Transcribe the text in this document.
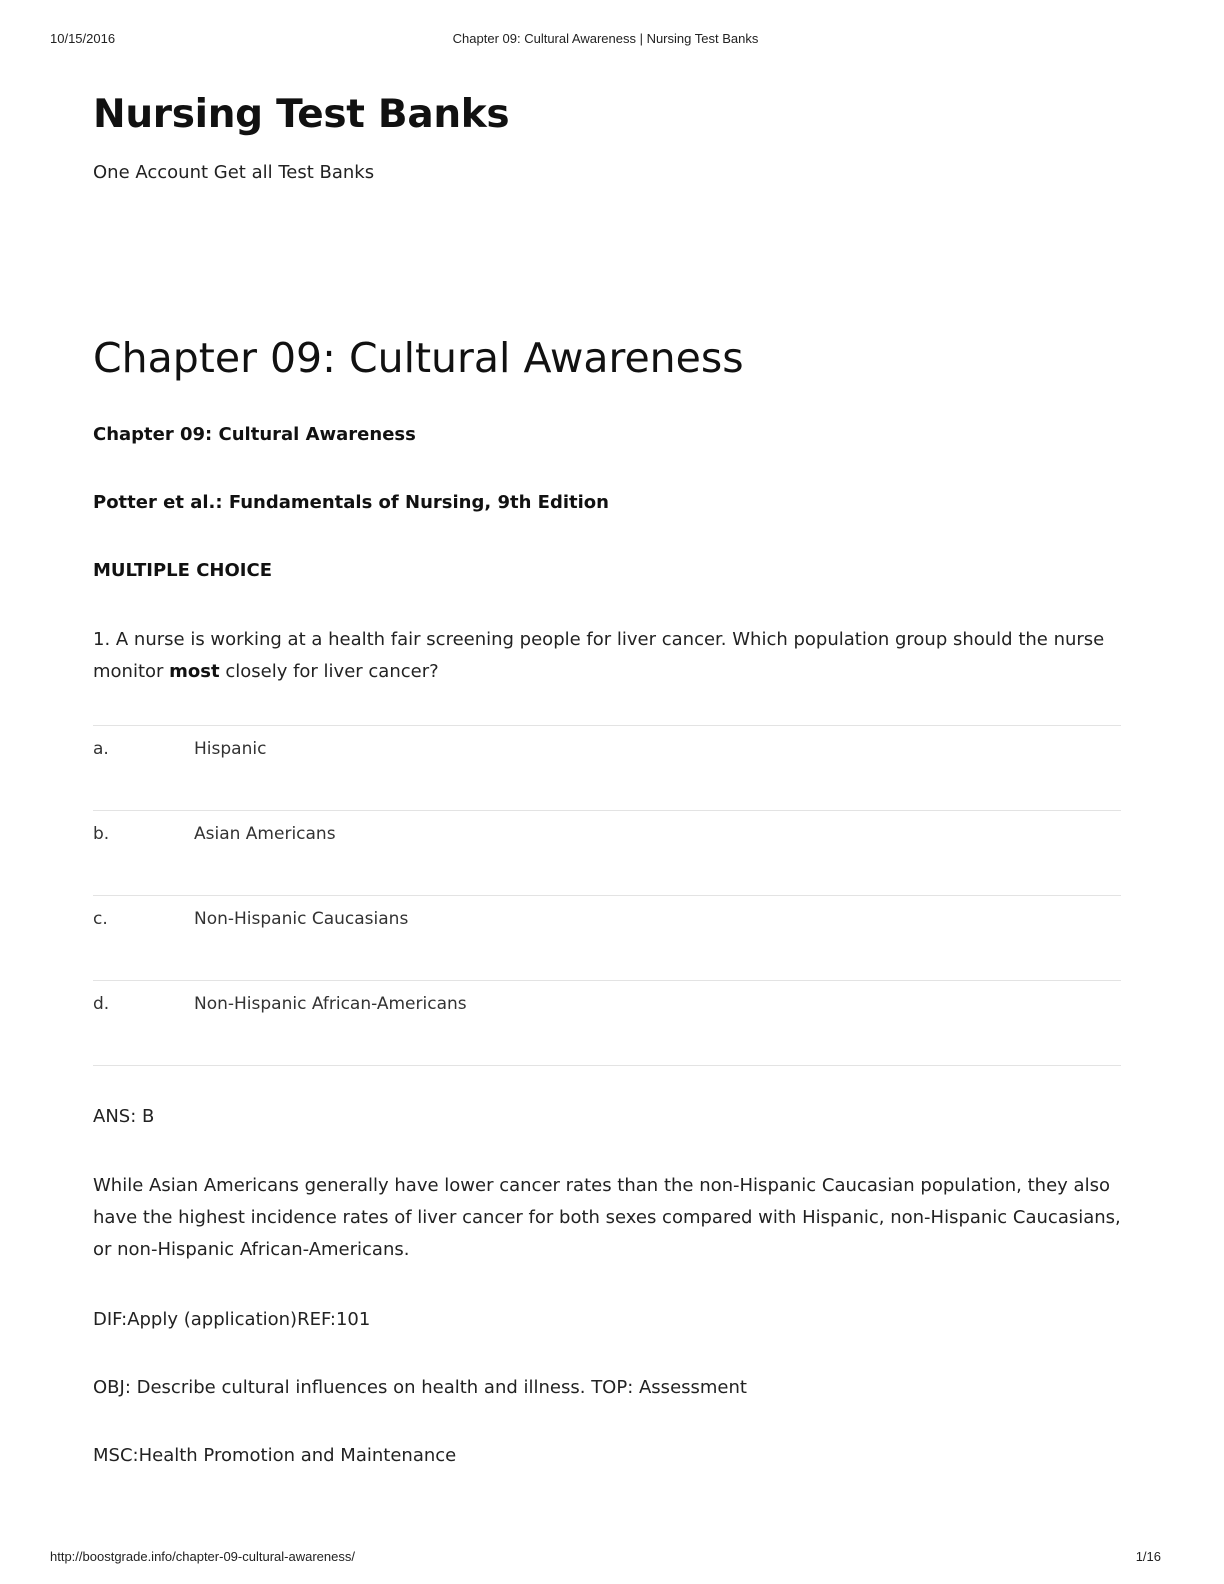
10/15/2016	Chapter 09: Cultural Awareness | Nursing Test Banks
Nursing Test Banks
One Account Get all Test Banks
Chapter 09: Cultural Awareness
Chapter 09: Cultural Awareness
Potter et al.: Fundamentals of Nursing, 9th Edition
MULTIPLE CHOICE
1. A nurse is working at a health fair screening people for liver cancer. Which population group should the nurse monitor most closely for liver cancer?
a.	Hispanic
b.	Asian Americans
c.	Non-Hispanic Caucasians
d.	Non-Hispanic African-Americans
ANS: B
While Asian Americans generally have lower cancer rates than the non-Hispanic Caucasian population, they also have the highest incidence rates of liver cancer for both sexes compared with Hispanic, non-Hispanic Caucasians, or non-Hispanic African-Americans.
DIF:Apply (application)REF:101
OBJ: Describe cultural influences on health and illness. TOP: Assessment
MSC:Health Promotion and Maintenance
http://boostgrade.info/chapter-09-cultural-awareness/	1/16
